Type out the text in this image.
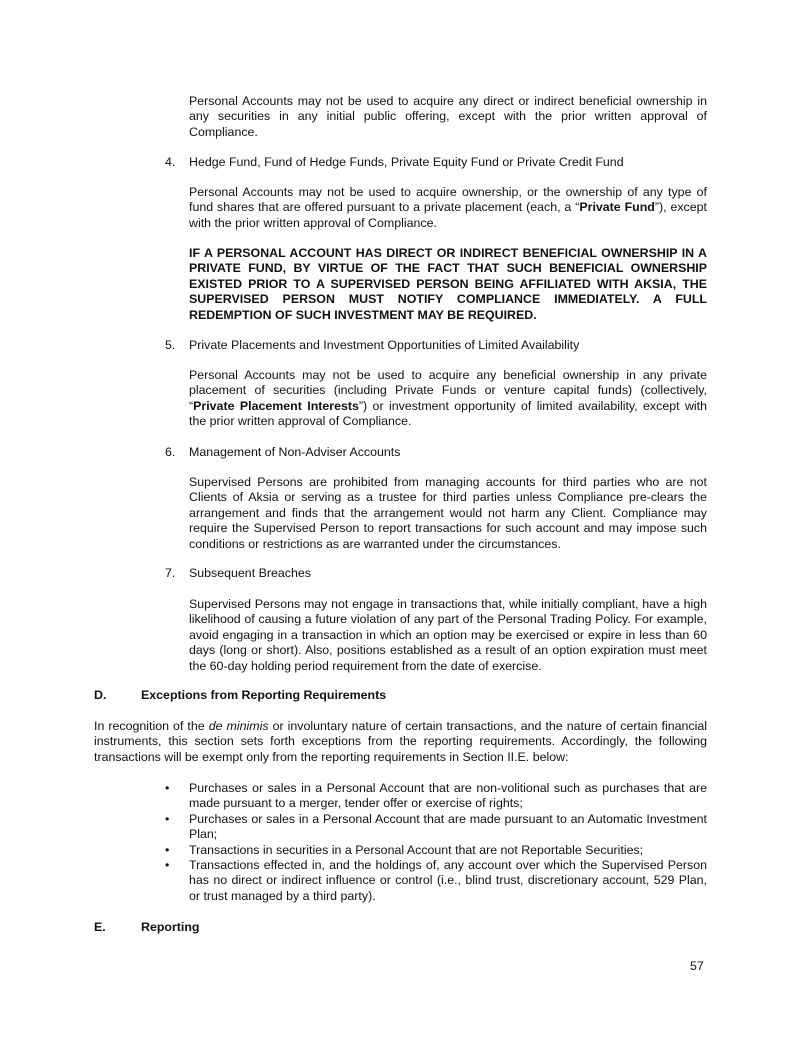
Personal Accounts may not be used to acquire any direct or indirect beneficial ownership in any securities in any initial public offering, except with the prior written approval of Compliance.
4. Hedge Fund, Fund of Hedge Funds, Private Equity Fund or Private Credit Fund
Personal Accounts may not be used to acquire ownership, or the ownership of any type of fund shares that are offered pursuant to a private placement (each, a “Private Fund”), except with the prior written approval of Compliance.
IF A PERSONAL ACCOUNT HAS DIRECT OR INDIRECT BENEFICIAL OWNERSHIP IN A PRIVATE FUND, BY VIRTUE OF THE FACT THAT SUCH BENEFICIAL OWNERSHIP EXISTED PRIOR TO A SUPERVISED PERSON BEING AFFILIATED WITH AKSIA, THE SUPERVISED PERSON MUST NOTIFY COMPLIANCE IMMEDIATELY. A FULL REDEMPTION OF SUCH INVESTMENT MAY BE REQUIRED.
5. Private Placements and Investment Opportunities of Limited Availability
Personal Accounts may not be used to acquire any beneficial ownership in any private placement of securities (including Private Funds or venture capital funds) (collectively, “Private Placement Interests”) or investment opportunity of limited availability, except with the prior written approval of Compliance.
6. Management of Non-Adviser Accounts
Supervised Persons are prohibited from managing accounts for third parties who are not Clients of Aksia or serving as a trustee for third parties unless Compliance pre-clears the arrangement and finds that the arrangement would not harm any Client. Compliance may require the Supervised Person to report transactions for such account and may impose such conditions or restrictions as are warranted under the circumstances.
7. Subsequent Breaches
Supervised Persons may not engage in transactions that, while initially compliant, have a high likelihood of causing a future violation of any part of the Personal Trading Policy. For example, avoid engaging in a transaction in which an option may be exercised or expire in less than 60 days (long or short). Also, positions established as a result of an option expiration must meet the 60-day holding period requirement from the date of exercise.
D.	Exceptions from Reporting Requirements
In recognition of the de minimis or involuntary nature of certain transactions, and the nature of certain financial instruments, this section sets forth exceptions from the reporting requirements. Accordingly, the following transactions will be exempt only from the reporting requirements in Section II.E. below:
• Purchases or sales in a Personal Account that are non-volitional such as purchases that are made pursuant to a merger, tender offer or exercise of rights;
• Purchases or sales in a Personal Account that are made pursuant to an Automatic Investment Plan;
• Transactions in securities in a Personal Account that are not Reportable Securities;
• Transactions effected in, and the holdings of, any account over which the Supervised Person has no direct or indirect influence or control (i.e., blind trust, discretionary account, 529 Plan, or trust managed by a third party).
E.	Reporting
57
